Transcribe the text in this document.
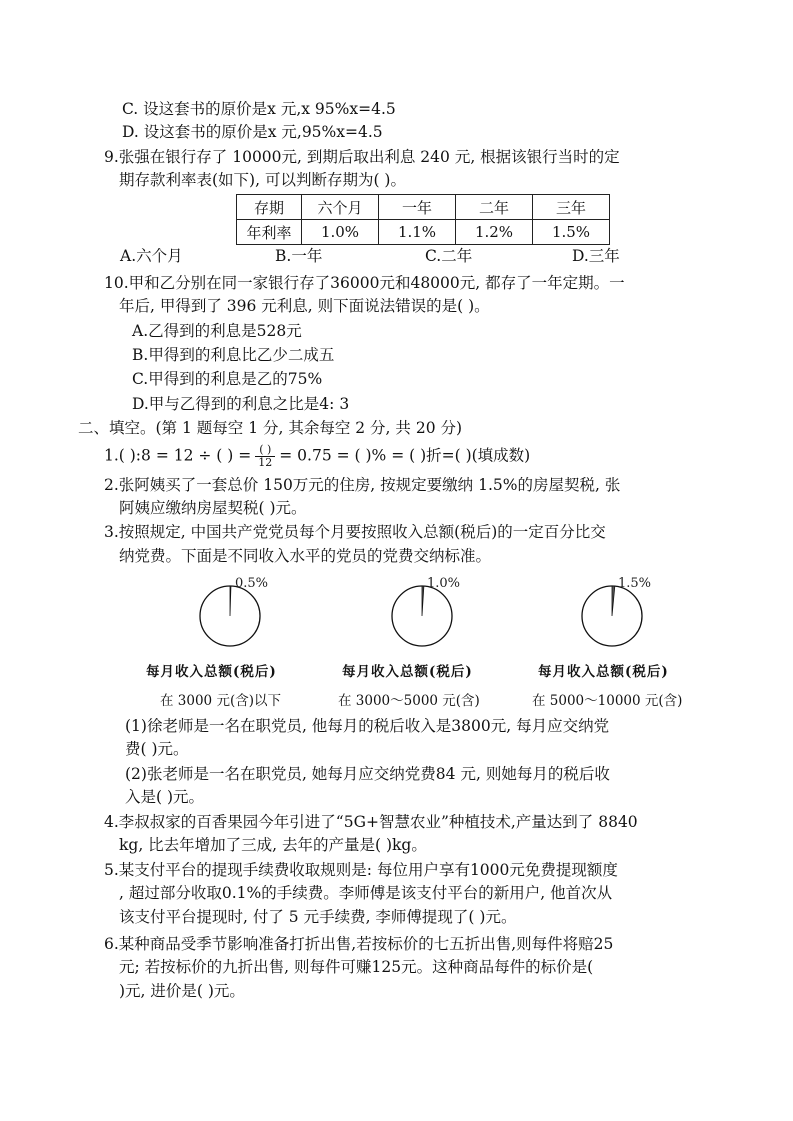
C. 设这套书的原价是x 元,x 95%x=4.5
D. 设这套书的原价是x 元,95%x=4.5
9.张强在银行存了 10000元, 到期后取出利息 240 元, 根据该银行当时的定
期存款利率表(如下), 可以判断存期为( )。
存期	六个月	一年	二年	三年
年利率	1.0%	1.1%	1.2%	1.5%
A.六个月	B.一年	C.二年	D.三年
10.甲和乙分别在同一家银行存了36000元和48000元, 都存了一年定期。一
年后, 甲得到了 396 元利息, 则下面说法错误的是( )。
A.乙得到的利息是528元
B.甲得到的利息比乙少二成五
C.甲得到的利息是乙的75%
D.甲与乙得到的利息之比是4: 3
二、填空。(第 1 题每空 1 分, 其余每空 2 分, 共 20 分)
1.( ):8 = 12 ÷ ( ) = $\frac{( )}{12} = 0.75$ = ( )% = ( )折=( )(填成数)
2.张阿姨买了一套总价 150万元的住房, 按规定要缴纳 1.5%的房屋契税, 张
阿姨应缴纳房屋契税( )元。
3.按照规定, 中国共产党党员每个月要按照收入总额(税后)的一定百分比交
纳党费。下面是不同收入水平的党员的党费交纳标准。
0.5%	1.0%	1.5%
每月收入总额(税后)	每月收入总额(税后)	每月收入总额(税后)
在 3000 元(含)以下	在 3000～5000 元(含)	在 5000～10000 元(含)
(1)徐老师是一名在职党员, 他每月的税后收入是3800元, 每月应交纳党
费( )元。
(2)张老师是一名在职党员, 她每月应交纳党费84 元, 则她每月的税后收
入是( )元。
4.李叔叔家的百香果园今年引进了“5G+智慧农业”种植技术,产量达到了 8840
kg, 比去年增加了三成, 去年的产量是( )kg。
5.某支付平台的提现手续费收取规则是: 每位用户享有1000元免费提现额度
, 超过部分收取0.1%的手续费。李师傅是该支付平台的新用户, 他首次从
该支付平台提现时, 付了 5 元手续费, 李师傅提现了( )元。
6.某种商品受季节影响准备打折出售,若按标价的七五折出售,则每件将赔25
元; 若按标价的九折出售, 则每件可赚125元。这种商品每件的标价是(
)元, 进价是( )元。
